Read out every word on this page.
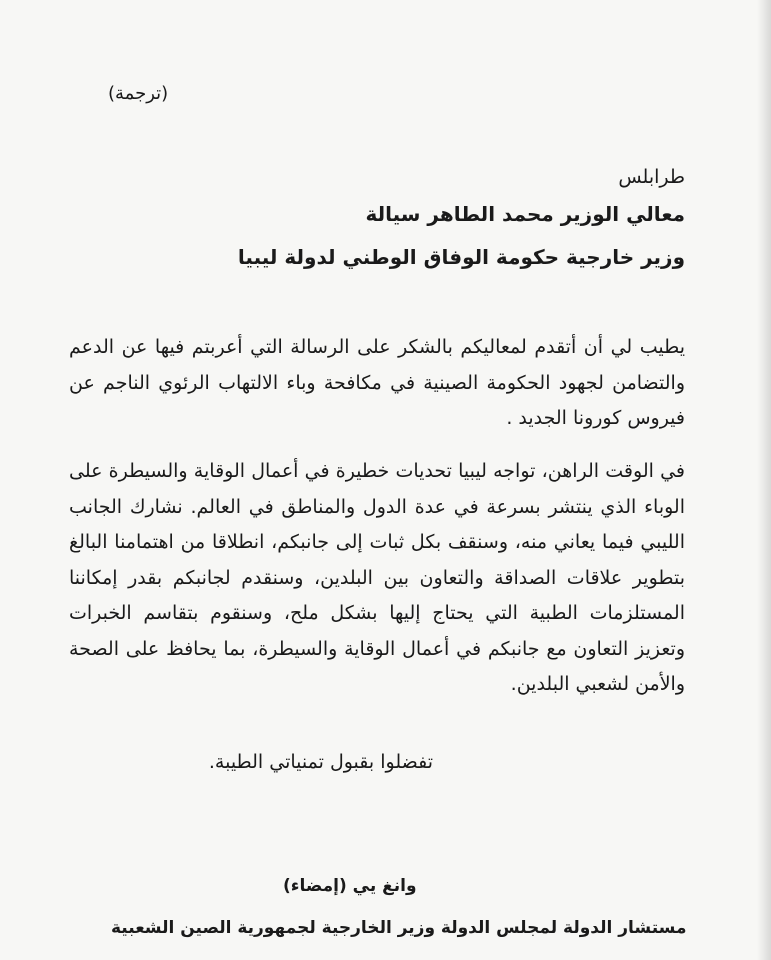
(ترجمة)
طرابلس
معالي الوزير محمد الطاهر سيالة
وزير خارجية حكومة الوفاق الوطني لدولة ليبيا
يطيب لي أن أتقدم لمعاليكم بالشكر على الرسالة التي أعربتم فيها عن الدعم والتضامن لجهود الحكومة الصينية في مكافحة وباء الالتهاب الرئوي الناجم عن فيروس كورونا الجديد .
في الوقت الراهن، تواجه ليبيا تحديات خطيرة في أعمال الوقاية والسيطرة على الوباء الذي ينتشر بسرعة في عدة الدول والمناطق في العالم. نشارك الجانب الليبي فيما يعاني منه، وسنقف بكل ثبات إلى جانبكم، انطلاقا من اهتمامنا البالغ بتطوير علاقات الصداقة والتعاون بين البلدين، وسنقدم لجانبكم بقدر إمكاننا المستلزمات الطبية التي يحتاج إليها بشكل ملح، وسنقوم بتقاسم الخبرات وتعزيز التعاون مع جانبكم في أعمال الوقاية والسيطرة، بما يحافظ على الصحة والأمن لشعبي البلدين.
تفضلوا بقبول تمنياتي الطيبة.
وانغ يي (إمضاء)
مستشار الدولة لمجلس الدولة وزير الخارجية لجمهورية الصين الشعبية
